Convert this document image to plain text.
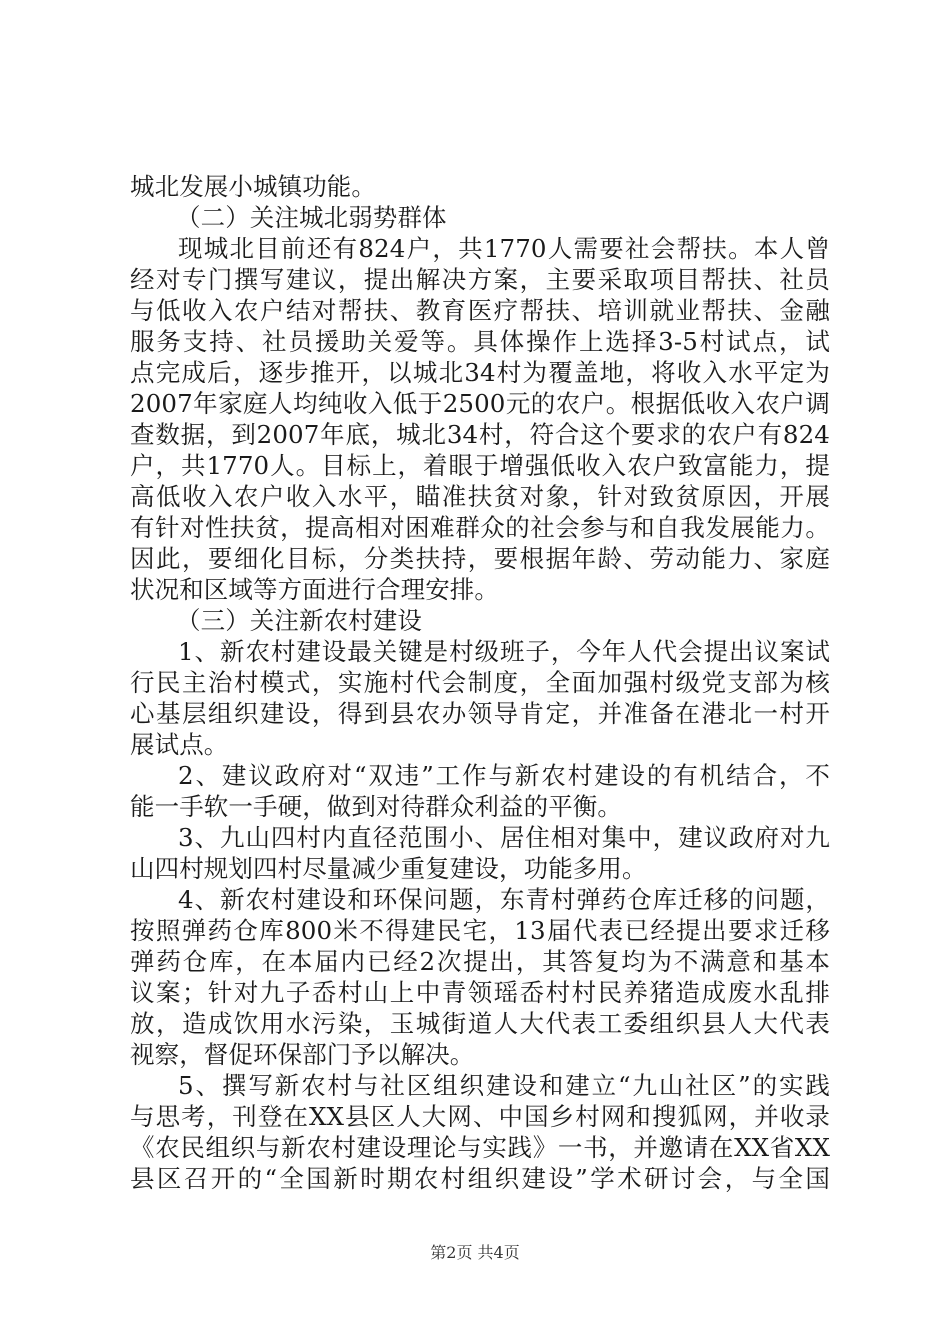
城北发展小城镇功能。
（二）关注城北弱势群体
现城北目前还有824户，共1770人需要社会帮扶。本人曾
经对专门撰写建议，提出解决方案，主要采取项目帮扶、社员
与低收入农户结对帮扶、教育医疗帮扶、培训就业帮扶、金融
服务支持、社员援助关爱等。具体操作上选择3-5村试点，试
点完成后，逐步推开，以城北34村为覆盖地，将收入水平定为
2007年家庭人均纯收入低于2500元的农户。根据低收入农户调
查数据，到2007年底，城北34村，符合这个要求的农户有824
户，共1770人。目标上，着眼于增强低收入农户致富能力，提
高低收入农户收入水平，瞄准扶贫对象，针对致贫原因，开展
有针对性扶贫，提高相对困难群众的社会参与和自我发展能力。
因此，要细化目标，分类扶持，要根据年龄、劳动能力、家庭
状况和区域等方面进行合理安排。
（三）关注新农村建设
1、新农村建设最关键是村级班子，今年人代会提出议案试
行民主治村模式，实施村代会制度，全面加强村级党支部为核
心基层组织建设，得到县农办领导肯定，并准备在港北一村开
展试点。
2、建议政府对“双违”工作与新农村建设的有机结合，不
能一手软一手硬，做到对待群众利益的平衡。
3、九山四村内直径范围小、居住相对集中，建议政府对九
山四村规划四村尽量减少重复建设，功能多用。
4、新农村建设和环保问题，东青村弹药仓库迁移的问题，
按照弹药仓库800米不得建民宅，13届代表已经提出要求迁移
弹药仓库，在本届内已经2次提出，其答复均为不满意和基本
议案；针对九子岙村山上中青领瑶岙村村民养猪造成废水乱排
放，造成饮用水污染，玉城街道人大代表工委组织县人大代表
视察，督促环保部门予以解决。
5、撰写新农村与社区组织建设和建立“九山社区”的实践
与思考，刊登在XX县区人大网、中国乡村网和搜狐网，并收录
《农民组织与新农村建设理论与实践》一书，并邀请在XX省XX
县区召开的“全国新时期农村组织建设”学术研讨会，与全国
第2页 共4页
